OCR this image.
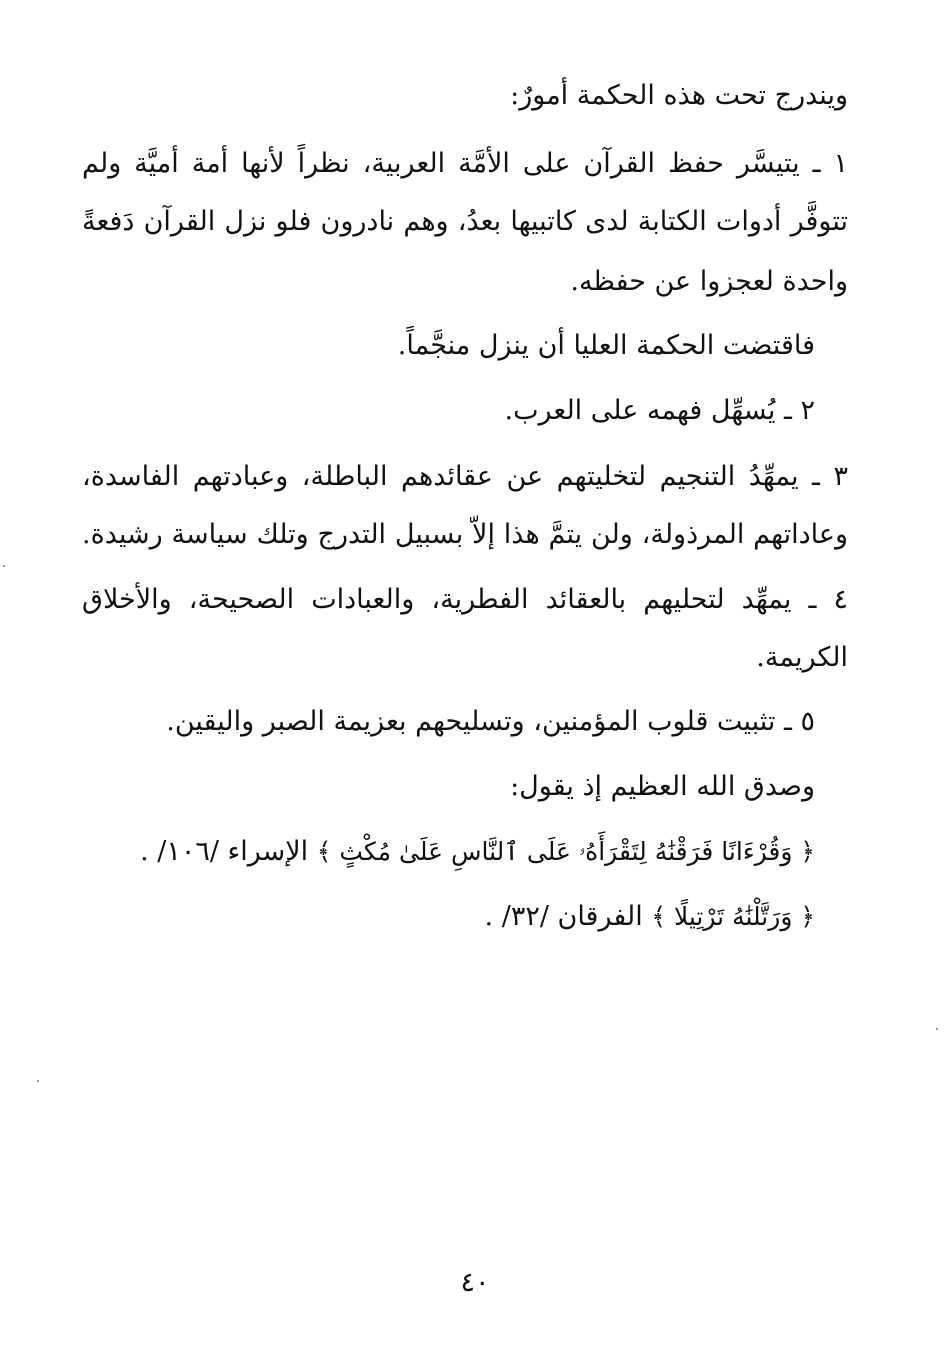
ويندرج تحت هذه الحكمة أمورٌ:
١ ـ يتيسَّر حفظ القرآن على الأمَّة العربية، نظراً لأنها أمة أميَّة ولم
تتوفَّر أدوات الكتابة لدى كاتبيها بعدُ، وهم نادرون فلو نزل القرآن دَفعةً
واحدة لعجزوا عن حفظه.
فاقتضت الحكمة العليا أن ينزل منجَّماً.
٢ ـ يُسهِّل فهمه على العرب.
٣ ـ يمهِّدُ التنجيم لتخليتهم عن عقائدهم الباطلة، وعبادتهم الفاسدة،
وعاداتهم المرذولة، ولن يتمَّ هذا إلاّ بسبيل التدرج وتلك سياسة رشيدة.
٤ ـ يمهِّد لتحليهم بالعقائد الفطرية، والعبادات الصحيحة، والأخلاق
الكريمة.
٥ ـ تثبيت قلوب المؤمنين، وتسليحهم بعزيمة الصبر واليقين.
وصدق الله العظيم إذ يقول:
﴿ وَقُرْءَانًا فَرَقْنَٰهُ لِتَقْرَأَهُۥ عَلَى ٱلنَّاسِ عَلَىٰ مُكْثٍ ﴾ الإسراء /١٠٦/ .
﴿ وَرَتَّلْنَٰهُ تَرْتِيلًا ﴾ الفرقان /٣٢/ .
٤٠
